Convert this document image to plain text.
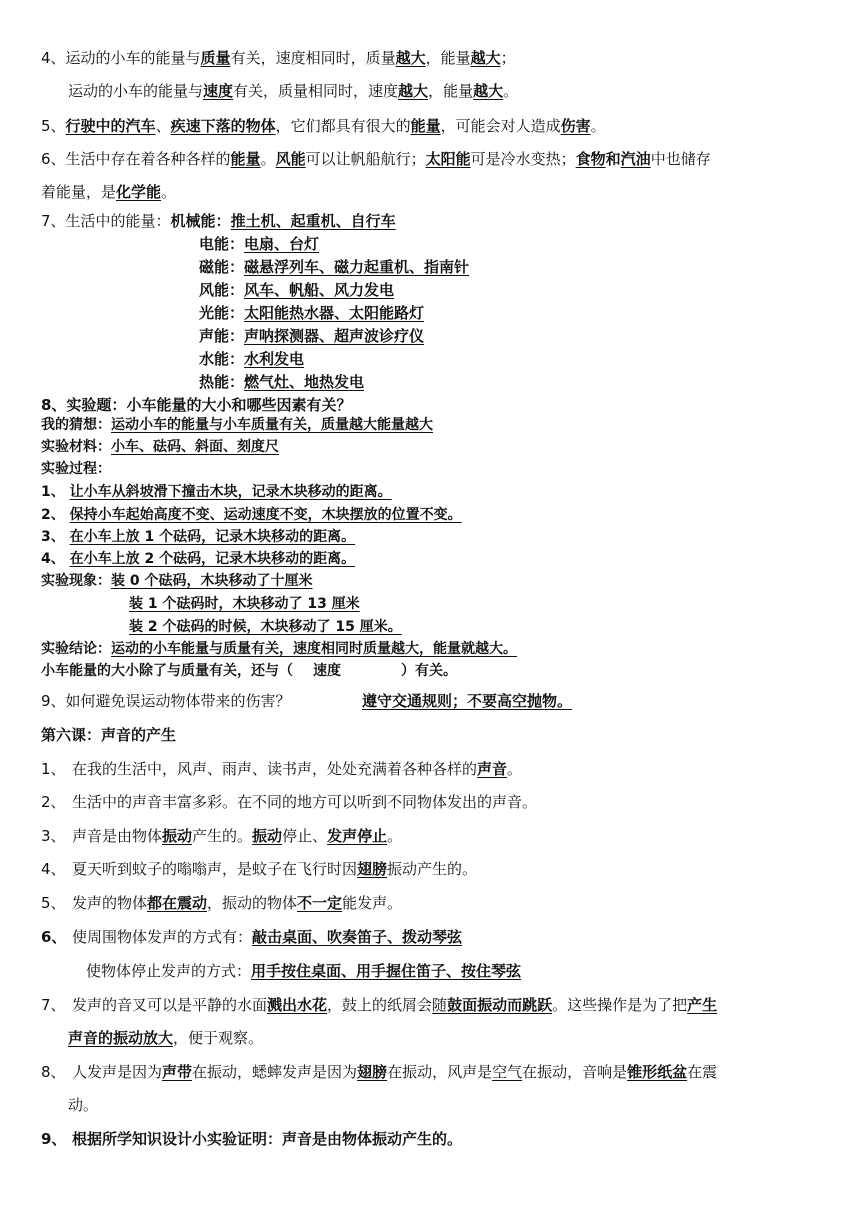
4、运动的小车的能量与质量有关，速度相同时，质量越大，能量越大；
运动的小车的能量与速度有关，质量相同时，速度越大，能量越大。
5、行驶中的汽车、疾速下落的物体，它们都具有很大的能量，可能会对人造成伤害。
6、生活中存在着各种各样的能量。风能可以让帆船航行；太阳能可是冷水变热；食物和汽油中也储存
着能量，是化学能。
7、生活中的能量：机械能：推土机、起重机、自行车
电能：电扇、台灯
磁能：磁悬浮列车、磁力起重机、指南针
风能：风车、帆船、风力发电
光能：太阳能热水器、太阳能路灯
声能：声呐探测器、超声波诊疗仪
水能：水利发电
热能：燃气灶、地热发电
8、实验题：小车能量的大小和哪些因素有关？
我的猜想：运动小车的能量与小车质量有关，质量越大能量越大
实验材料：小车、砝码、斜面、刻度尺
实验过程：
1、 让小车从斜坡滑下撞击木块，记录木块移动的距离。
2、 保持小车起始高度不变、运动速度不变，木块摆放的位置不变。
3、 在小车上放 1 个砝码，记录木块移动的距离。
4、 在小车上放 2 个砝码，记录木块移动的距离。
实验现象：装 0 个砝码，木块移动了十厘米
装 1 个砝码时，木块移动了 13 厘米
装 2 个砝码的时候，木块移动了 15 厘米。
实验结论：运动的小车能量与质量有关，速度相同时质量越大，能量就越大。
小车能量的大小除了与质量有关，还与（ 速度	）有关。
9、如何避免误运动物体带来的伤害？	遵守交通规则；不要高空抛物。
第六课：声音的产生
1、 在我的生活中，风声、雨声、读书声，处处充满着各种各样的声音。
2、 生活中的声音丰富多彩。在不同的地方可以听到不同物体发出的声音。
3、 声音是由物体振动产生的。振动停止、发声停止。
4、 夏天听到蚊子的嗡嗡声，是蚊子在飞行时因翅膀振动产生的。
5、 发声的物体都在震动，振动的物体不一定能发声。
6、 使周围物体发声的方式有：敲击桌面、吹奏笛子、拨动琴弦
使物体停止发声的方式：用手按住桌面、用手握住笛子、按住琴弦
7、 发声的音叉可以是平静的水面溅出水花，鼓上的纸屑会随鼓面振动而跳跃。这些操作是为了把产生
声音的振动放大，便于观察。
8、 人发声是因为声带在振动，蟋蟀发声是因为翅膀在振动，风声是空气在振动，音响是锥形纸盆在震
动。
9、 根据所学知识设计小实验证明：声音是由物体振动产生的。
